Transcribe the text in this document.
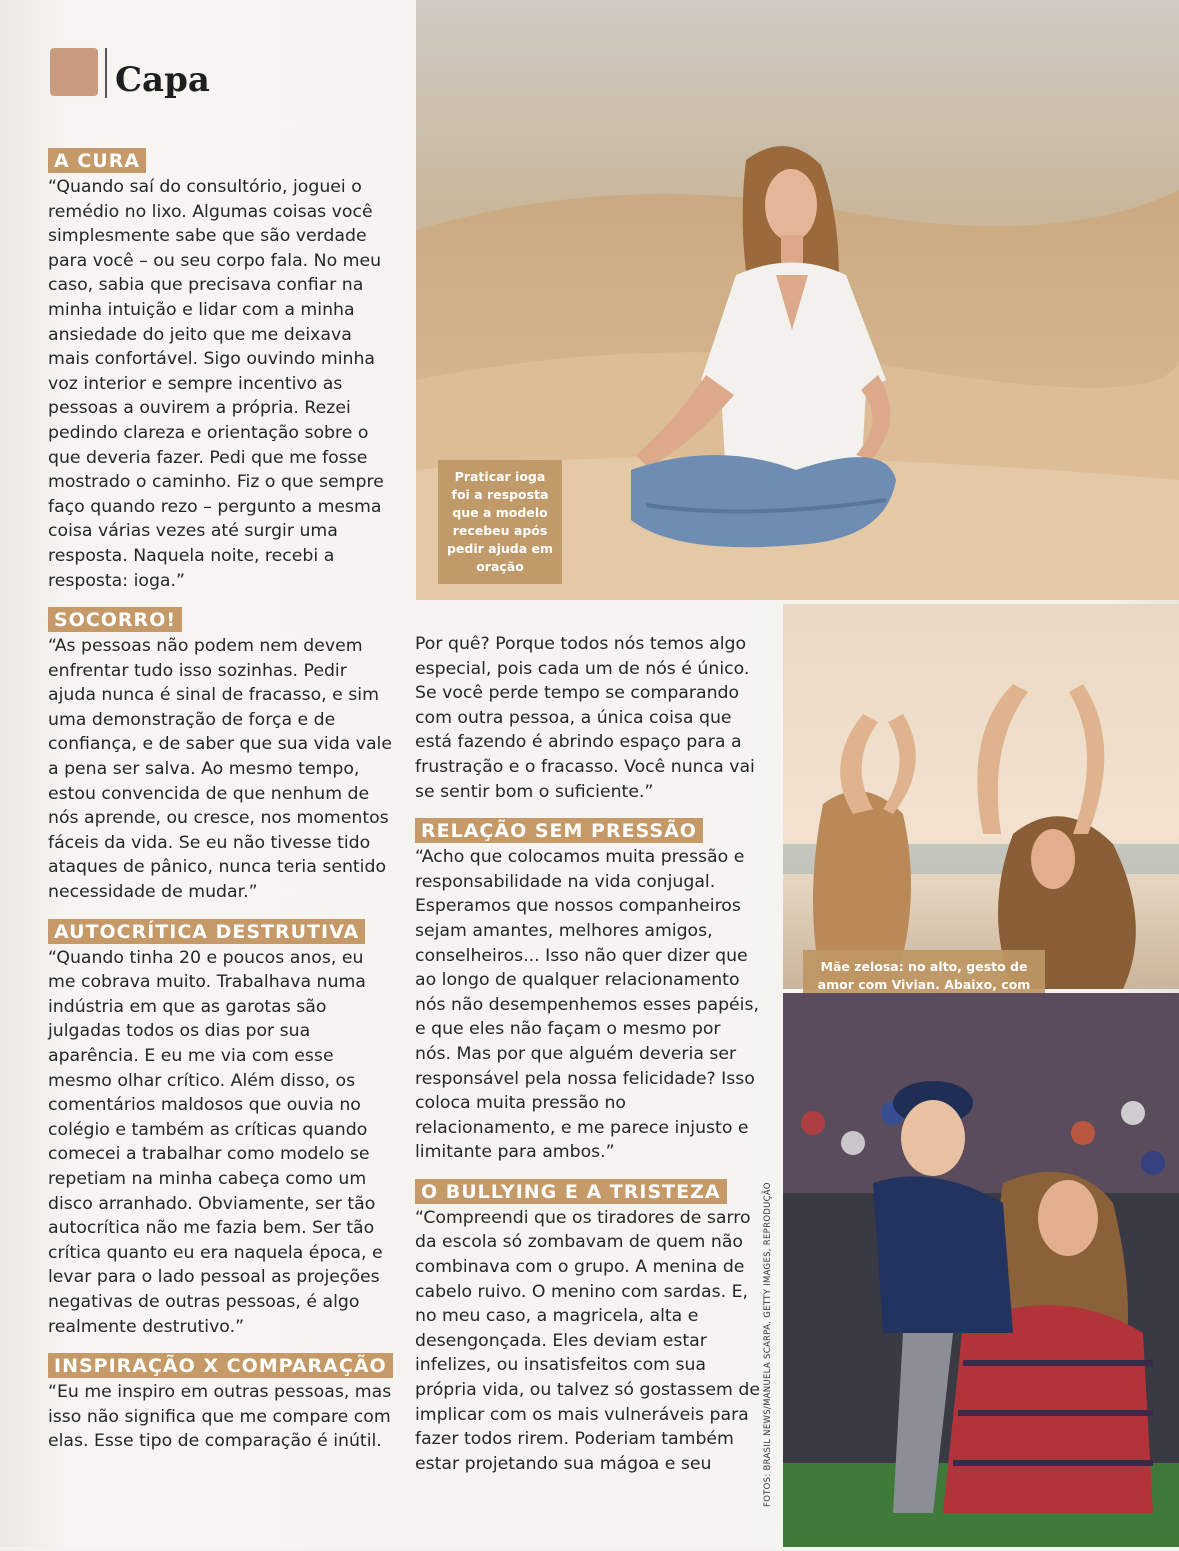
Capa
A CURA

“Quando saí do consultório, joguei o remédio no lixo. Algumas coisas você simplesmente sabe que são verdade para você – ou seu corpo fala. No meu caso, sabia que precisava confiar na minha intuição e lidar com a minha ansiedade do jeito que me deixava mais confortável. Sigo ouvindo minha voz interior e sempre incentivo as pessoas a ouvirem a própria. Rezei pedindo clareza e orientação sobre o que deveria fazer. Pedi que me fosse mostrado o caminho. Fiz o que sempre faço quando rezo – pergunto a mesma coisa várias vezes até surgir uma resposta. Naquela noite, recebi a resposta: ioga.”

SOCORRO!

“As pessoas não podem nem devem enfrentar tudo isso sozinhas. Pedir ajuda nunca é sinal de fracasso, e sim uma demonstração de força e de confiança, e de saber que sua vida vale a pena ser salva. Ao mesmo tempo, estou convencida de que nenhum de nós aprende, ou cresce, nos momentos fáceis da vida. Se eu não tivesse tido ataques de pânico, nunca teria sentido necessidade de mudar.”

AUTOCRÍTICA DESTRUTIVA

“Quando tinha 20 e poucos anos, eu me cobrava muito. Trabalhava numa indústria em que as garotas são julgadas todos os dias por sua aparência. E eu me via com esse mesmo olhar crítico. Além disso, os comentários maldosos que ouvia no colégio e também as críticas quando comecei a trabalhar como modelo se repetiam na minha cabeça como um disco arranhado. Obviamente, ser tão autocrítica não me fazia bem. Ser tão crítica quanto eu era naquela época, e levar para o lado pessoal as projeções negativas de outras pessoas, é algo realmente destrutivo.”

INSPIRAÇÃO X COMPARAÇÃO

“Eu me inspiro em outras pessoas, mas isso não significa que me compare com elas. Esse tipo de comparação é inútil.

Por quê? Porque todos nós temos algo especial, pois cada um de nós é único. Se você perde tempo se comparando com outra pessoa, a única coisa que está fazendo é abrindo espaço para a frustração e o fracasso. Você nunca vai se sentir bom o suficiente.”

RELAÇÃO SEM PRESSÃO

“Acho que colocamos muita pressão e responsabilidade na vida conjugal. Esperamos que nossos companheiros sejam amantes, melhores amigos, conselheiros... Isso não quer dizer que ao longo de qualquer relacionamento nós não desempenhemos esses papéis, e que eles não façam o mesmo por nós. Mas por que alguém deveria ser responsável pela nossa felicidade? Isso coloca muita pressão no relacionamento, e me parece injusto e limitante para ambos.”

O BULLYING E A TRISTEZA

“Compreendi que os tiradores de sarro da escola só zombavam de quem não combinava com o grupo. A menina de cabelo ruivo. O menino com sardas. E, no meu caso, a magricela, alta e desengonçada. Eles deviam estar infelizes, ou insatisfeitos com sua própria vida, ou talvez só gostassem de implicar com os mais vulneráveis para fazer todos rirem. Poderiam também estar projetando sua mágoa e seu

Praticar ioga foi a resposta que a modelo recebeu após pedir ajuda em oração
Mãe zelosa: no alto, gesto de amor com Vivian. Abaixo, com
FOTOS: BRASIL NEWS/MANUELA SCARPA, GETTY IMAGES, REPRODUÇÃO
